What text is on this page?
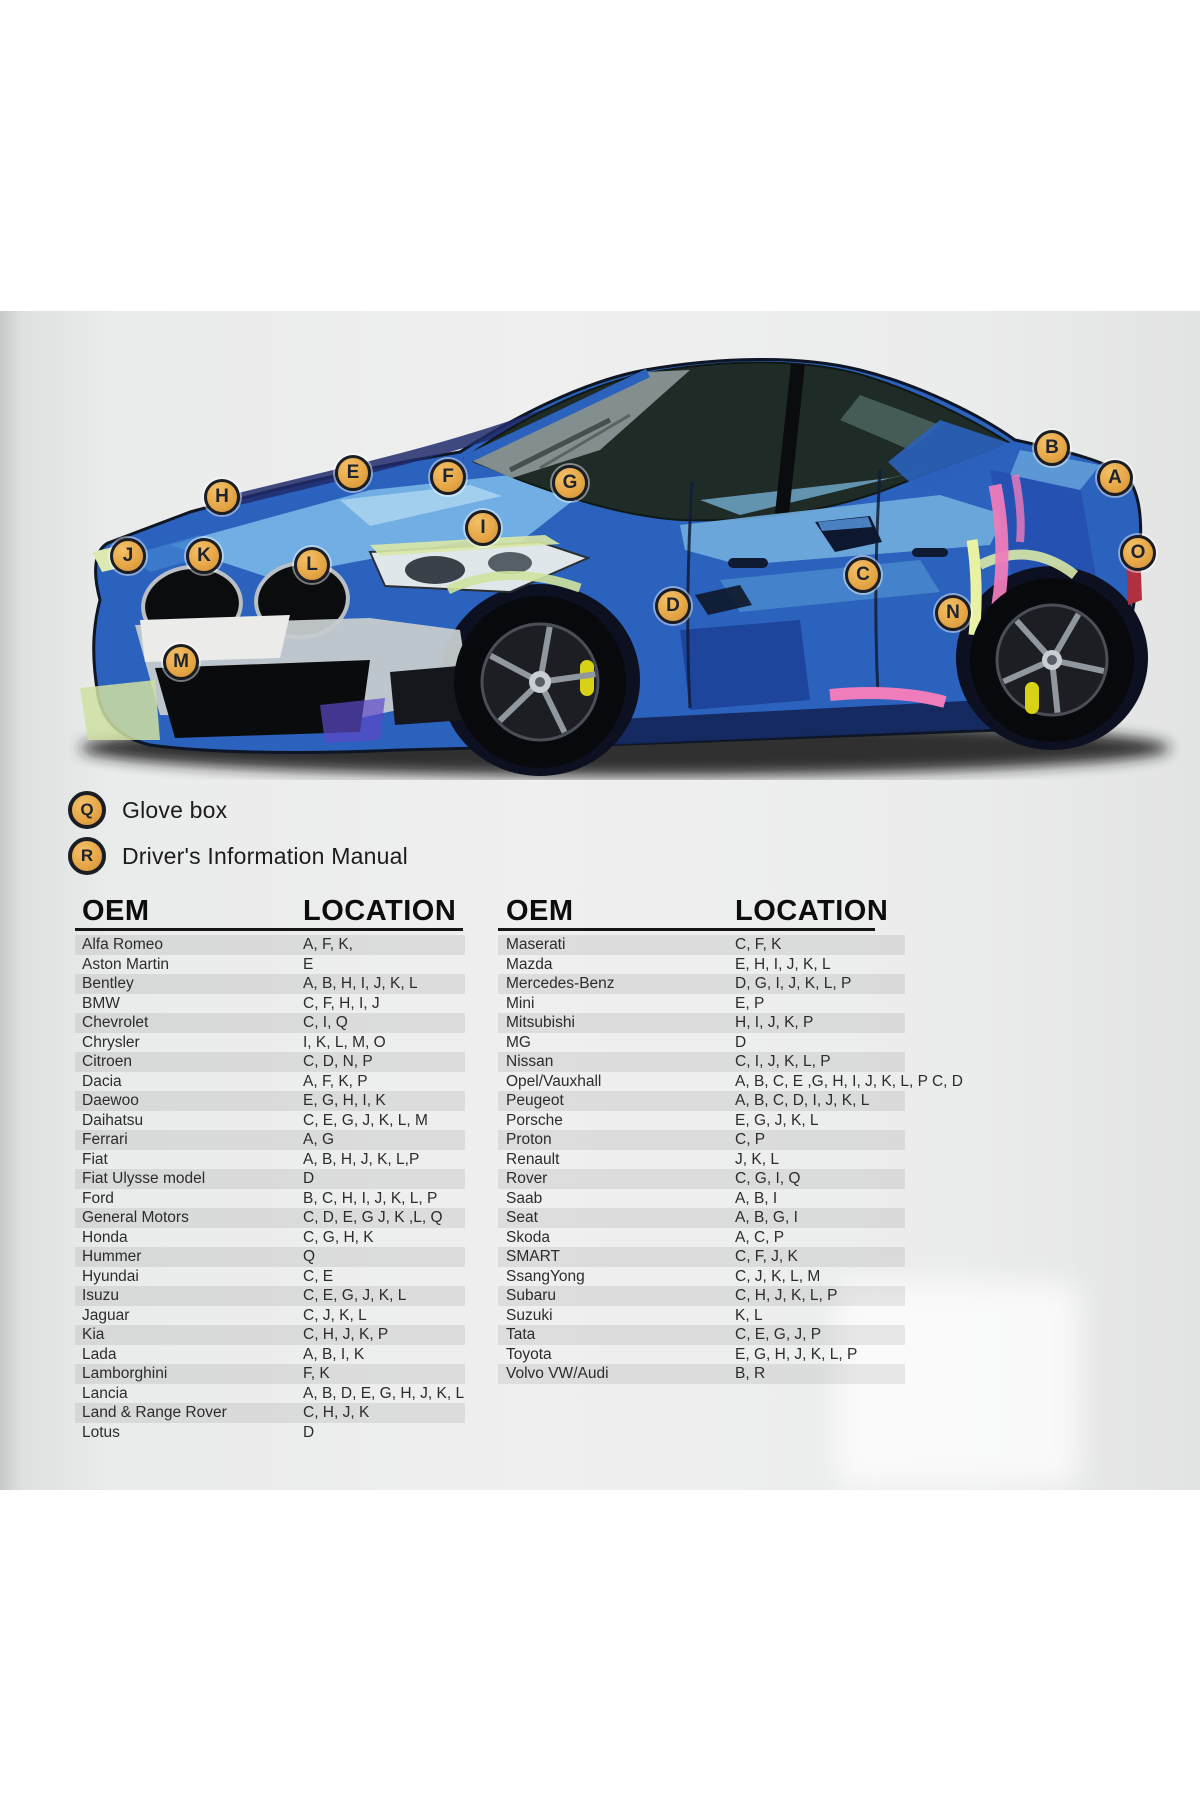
A
B
C
D
E	F	G
H
I
J	K	L
M
N
O
Q	Glove box
R	Driver's Information Manual
OEM	LOCATION
Alfa Romeo	A, F, K,
Aston Martin	E
Bentley	A, B, H, I, J, K, L
BMW	C, F, H, I, J
Chevrolet	C, I, Q
Chrysler	I, K, L, M, O
Citroen	C, D, N, P
Dacia	A, F, K, P
Daewoo	E, G, H, I, K
Daihatsu	C, E, G, J, K, L, M
Ferrari	A, G
Fiat	A, B, H, J, K, L,P
Fiat Ulysse model	D
Ford	B, C, H, I, J, K, L, P
General Motors	C, D, E, G J, K ,L, Q
Honda	C, G, H, K
Hummer	Q
Hyundai	C, E
Isuzu	C, E, G, J, K, L
Jaguar	C, J, K, L
Kia	C, H, J, K, P
Lada	A, B, I, K
Lamborghini	F, K
Lancia	A, B, D, E, G, H, J, K, L
Land & Range Rover	C, H, J, K
Lotus	D
OEM	LOCATION
Maserati	C, F, K
Mazda	E, H, I, J, K, L
Mercedes-Benz	D, G, I, J, K, L, P
Mini	E, P
Mitsubishi	H, I, J, K, P
MG	D
Nissan	C, I, J, K, L, P
Opel/Vauxhall	A, B, C, E ,G, H, I, J, K, L, P C, D
Peugeot	A, B, C, D, I, J, K, L
Porsche	E, G, J, K, L
Proton	C, P
Renault	J, K, L
Rover	C, G, I, Q
Saab	A, B, I
Seat	A, B, G, I
Skoda	A, C, P
SMART	C, F, J, K
SsangYong	C, J, K, L, M
Subaru	C, H, J, K, L, P
Suzuki	K, L
Tata	C, E, G, J, P
Toyota	E, G, H, J, K, L, P
Volvo VW/Audi	B, R
